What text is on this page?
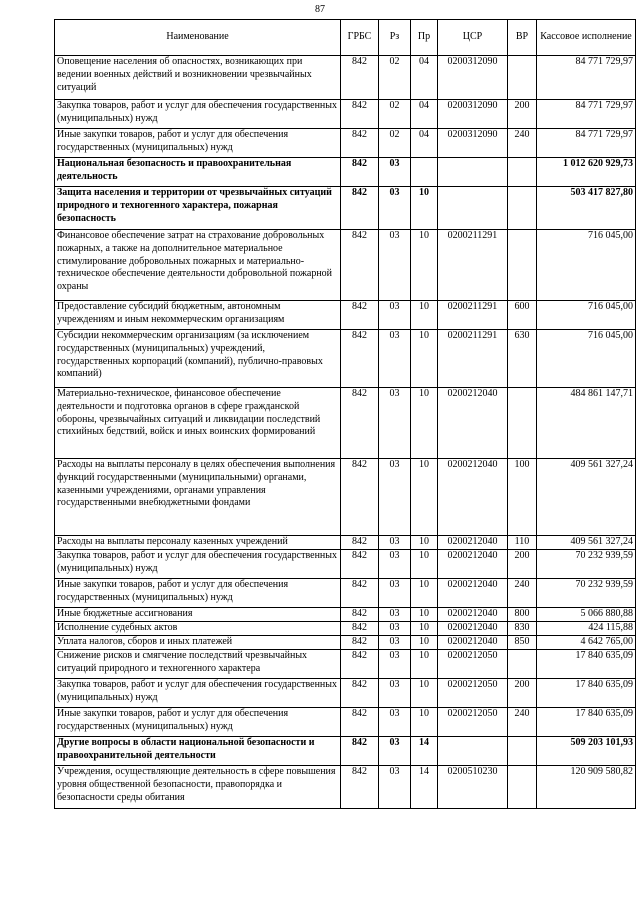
87
Наименование	ГРБС	Рз	Пр	ЦСР	ВР	Кассовое исполнение
Оповещение населения об опасностях, возникающих при ведении военных действий и возникновении чрезвычайных ситуаций	842	02	04	0200312090		84 771 729,97
Закупка товаров, работ и услуг для обеспечения государственных (муниципальных) нужд	842	02	04	0200312090	200	84 771 729,97
Иные закупки товаров, работ и услуг для обеспечения государственных (муниципальных) нужд	842	02	04	0200312090	240	84 771 729,97
Национальная безопасность и правоохранительная деятельность	842	03				1 012 620 929,73
Защита населения и территории от чрезвычайных ситуаций природного и техногенного характера, пожарная безопасность	842	03	10			503 417 827,80
Финансовое обеспечение затрат на страхование добровольных пожарных, а также на дополнительное материальное стимулирование добровольных пожарных и материально-техническое обеспечение деятельности добровольной пожарной охраны	842	03	10	0200211291		716 045,00
Предоставление субсидий бюджетным, автономным учреждениям и иным некоммерческим организациям	842	03	10	0200211291	600	716 045,00
Субсидии некоммерческим организациям (за исключением государственных (муниципальных) учреждений, государственных корпораций (компаний), публично-правовых компаний)	842	03	10	0200211291	630	716 045,00
Материально-техническое, финансовое обеспечение деятельности и подготовка органов в сфере гражданской обороны, чрезвычайных ситуаций и ликвидации последствий стихийных бедствий, войск и иных воинских формирований	842	03	10	0200212040		484 861 147,71
Расходы на выплаты персоналу в целях обеспечения выполнения функций государственными (муниципальными) органами, казенными учреждениями, органами управления государственными внебюджетными фондами	842	03	10	0200212040	100	409 561 327,24
Расходы на выплаты персоналу казенных учреждений	842	03	10	0200212040	110	409 561 327,24
Закупка товаров, работ и услуг для обеспечения государственных (муниципальных) нужд	842	03	10	0200212040	200	70 232 939,59
Иные закупки товаров, работ и услуг для обеспечения государственных (муниципальных) нужд	842	03	10	0200212040	240	70 232 939,59
Иные бюджетные ассигнования	842	03	10	0200212040	800	5 066 880,88
Исполнение судебных актов	842	03	10	0200212040	830	424 115,88
Уплата налогов, сборов и иных платежей	842	03	10	0200212040	850	4 642 765,00
Снижение рисков и смягчение последствий чрезвычайных ситуаций природного и техногенного характера	842	03	10	0200212050		17 840 635,09
Закупка товаров, работ и услуг для обеспечения государственных (муниципальных) нужд	842	03	10	0200212050	200	17 840 635,09
Иные закупки товаров, работ и услуг для обеспечения государственных (муниципальных) нужд	842	03	10	0200212050	240	17 840 635,09
Другие вопросы в области национальной безопасности и правоохранительной деятельности	842	03	14			509 203 101,93
Учреждения, осуществляющие деятельность в сфере повышения уровня общественной безопасности, правопорядка и безопасности среды обитания	842	03	14	0200510230		120 909 580,82
